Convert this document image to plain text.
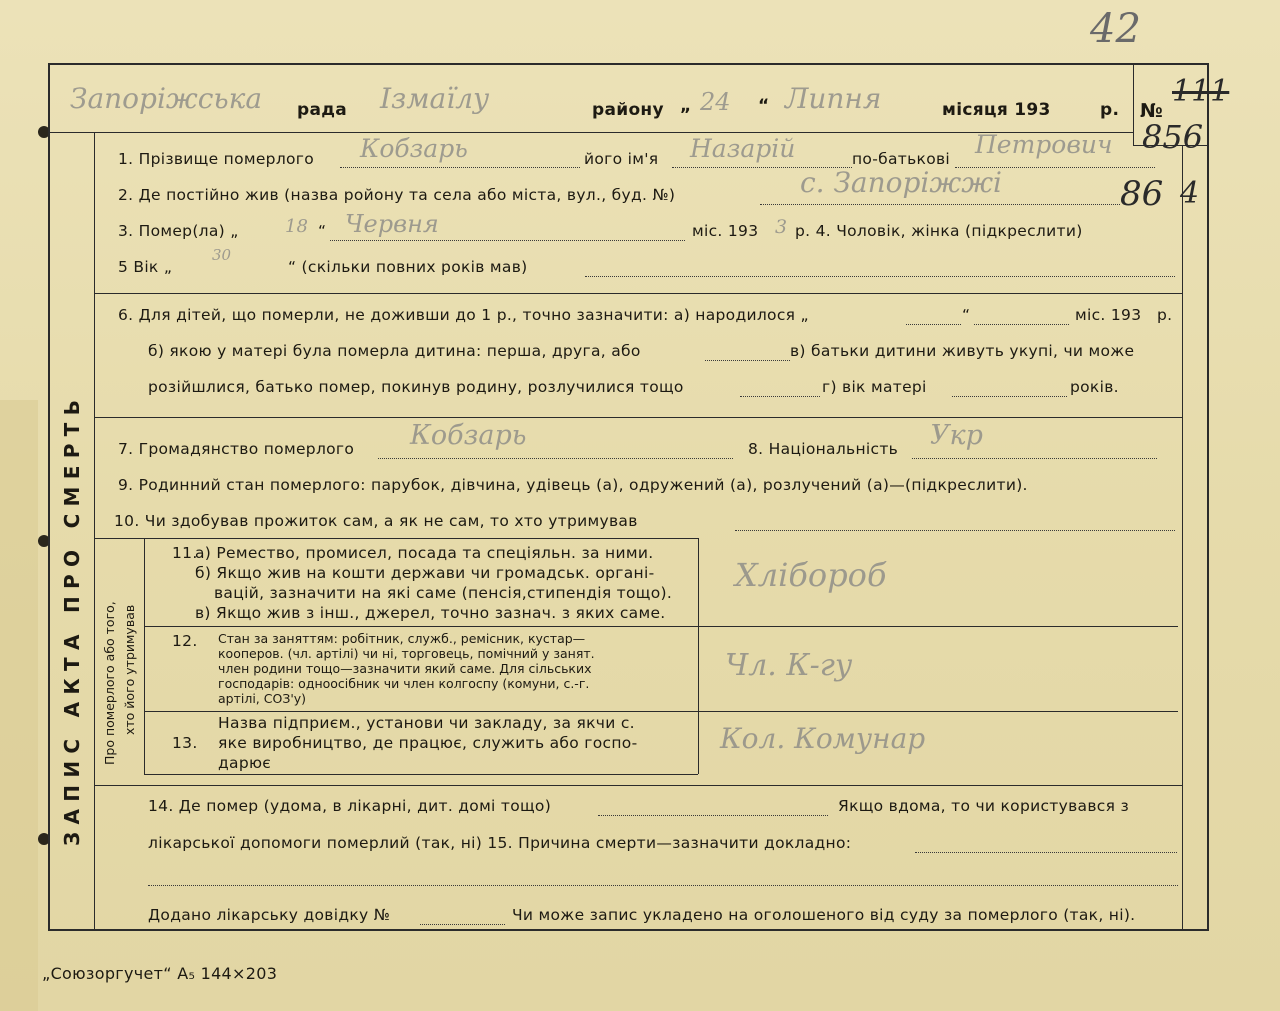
42
Запоріжська рада Ізмаїлу	району „ 24 “ Липня	місяця 193	р. №
111
856
86 4
ЗАПИС АКТА ПРО СМЕРТЬ
1. Прізвище померлого Кобзарь	його ім'я Назарій	по-батькові Петрович
2. Де постійно жив (назва ройону та села або міста, вул., буд. №)	с. Запоріжжі
3. Помер(ла) „	18 “ Червня	міс. 193 3 р. 4. Чоловік, жінка (підкреслити)
5 Вік „
30
“ (скільки повних років мав)
6. Для дітей, що померли, не доживши до 1 р., точно зазначити: а) народилося „	“	міс. 193 р.
б) якою у матері була померла дитина: перша, друга, або	в) батьки дитини живуть укупі, чи може
розійшлися, батько помер, покинув родину, розлучилися тощо	г) вік матері	років.
7. Громадянство померлого Кобзарь	8. Національність Укр
9. Родинний стан померлого: парубок, дівчина, удівець (а), одружений (а), розлучений (а)—(підкреслити).
10. Чи здобував прожиток сам, а як не сам, то хто утримував
Про померлого або того, хто його утримував
11.
а) Ремество, промисел, посада та спеціяльн. за ними.
б) Якщо жив на кошти держави чи громадськ. органі-
вацій, зазначити на які саме (пенсія,стипендія тощо).
в) Якщо жив з інш., джерел, точно зазнач. з яких саме.
Хлібороб
12. Стан за заняттям: робітник, служб., ремісник, кустар—
кооперов. (чл. артілі) чи ні, торговець, помічний у занят.
член родини тощо—зазначити який саме. Для сільських
господарів: одноосібник чи член колгоспу (комуни, с.-г.
артілі, СОЗ'у)
Чл. К-гу
13.
Назва підприєм., установи чи закладу, за якчи с.
яке виробництво, де працює, служить або госпо-
дарює
Кол. Комунар
14. Де помер (удома, в лікарні, дит. домі тощо)	Якщо вдома, то чи користувався з
лікарської допомоги померлий (так, ні) 15. Причина смерти—зазначити докладно:
Додано лікарську довідку №	Чи може запис укладено на оголошеного від суду за померлого (так, ні).
„Союзоргучет“ А₅ 144×203
